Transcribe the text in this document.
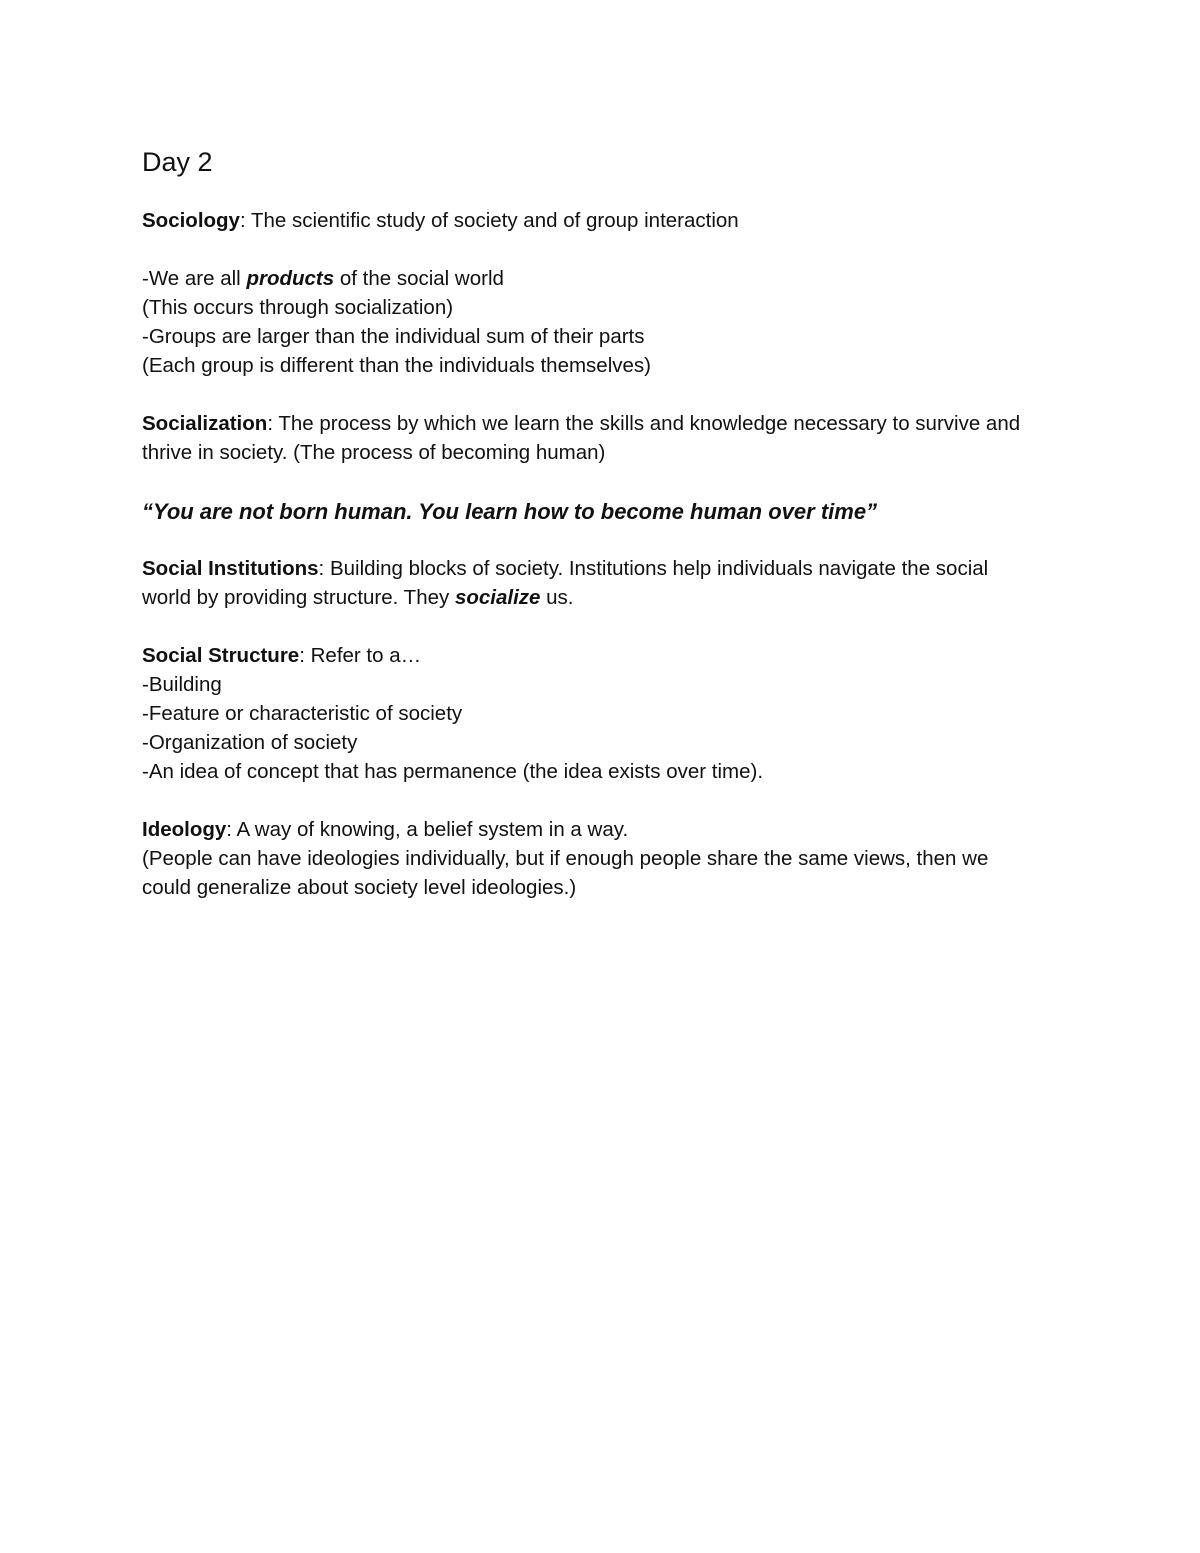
Day 2

Sociology: The scientific study of society and of group interaction

-We are all products of the social world

(This occurs through socialization)

-Groups are larger than the individual sum of their parts

(Each group is different than the individuals themselves)

Socialization: The process by which we learn the skills and knowledge necessary to survive and

thrive in society. (The process of becoming human)

“You are not born human. You learn how to become human over time”

Social Institutions: Building blocks of society. Institutions help individuals navigate the social

world by providing structure. They socialize us.

Social Structure: Refer to a…

-Building

-Feature or characteristic of society

-Organization of society

-An idea of concept that has permanence (the idea exists over time).

Ideology: A way of knowing, a belief system in a way.

(People can have ideologies individually, but if enough people share the same views, then we

could generalize about society level ideologies.)
